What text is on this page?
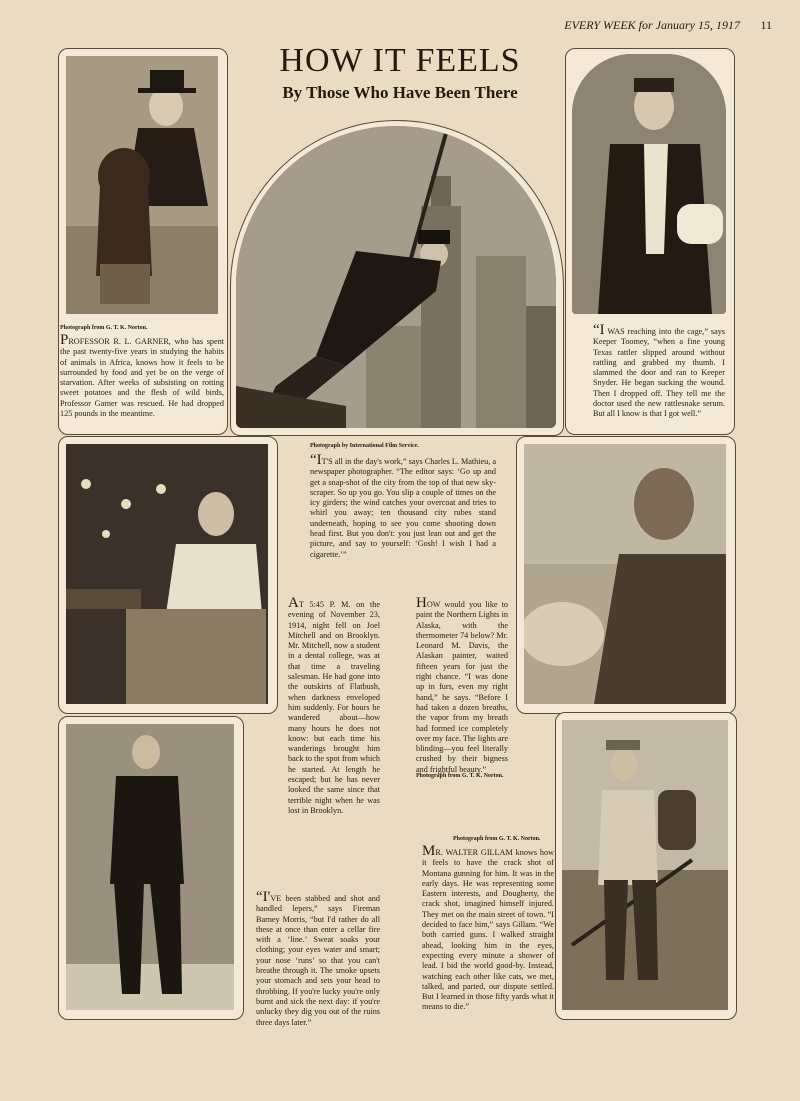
EVERY WEEK for January 15, 1917 11
HOW IT FEELS
By Those Who Have Been There
Photograph from G. T. K. Norton.
PROFESSOR R. L. GARNER, who has spent the past twenty-five years in studying the habits of animals in Africa, knows how it feels to be surrounded by food and yet be on the verge of starvation. After weeks of subsisting on rotting sweet potatoes and the flesh of wild birds, Professor Garner was rescued. He had dropped 125 pounds in the meantime.
Photograph by International Film Service.
“IT'S all in the day's work,” says Charles L. Mathieu, a newspaper photographer. “The editor says: ‘Go up and get a snap-shot of the city from the top of that new sky-scraper. So up you go. You slip a couple of times on the icy girders; the wind catches your overcoat and tries to whirl you away; ten thousand city rubes stand underneath, hoping to see you come shooting down head first. But you don't: you just lean out and get the picture, and say to yourself: ‘Gosh! I wish I had a cigarette.’”
“I WAS reaching into the cage,” says Keeper Toomey, “when a fine young Texas rattler slipped around without rattling and grabbed my thumb. I slammed the door and ran to Keeper Snyder. He began sucking the wound. Then I dropped off. They tell me the doctor used the new rattlesnake serum. But all I know is that I got well.”
Photograph from G. T. K. Norton.
AT 5:45 P. M. on the evening of November 23, 1914, night fell on Joel Mitchell and on Brooklyn. Mr. Mitchell, now a student in a dental college, was at that time a traveling salesman. He had gone into the outskirts of Flatbush, when darkness enveloped him suddenly. For hours he wandered about—how many hours he does not know: but each time his wanderings brought him back to the spot from which he started. At length he escaped; but he has never looked the same since that terrible night when he was lost in Brooklyn.
HOW would you like to paint the Northern Lights in Alaska, with the thermometer 74 below? Mr. Leonard M. Davis, the Alaskan painter, waited fifteen years for just the right chance. “I was done up in furs, even my right hand,” he says. “Before I had taken a dozen breaths, the vapor from my breath had formed ice completely over my face. The lights are blinding—you feel literally crushed by their bigness and frightful beauty.”
“I'VE been stabbed and shot and handled lepers,” says Fireman Barney Morris, “but I'd rather do all these at once than enter a cellar fire with a ‘line.’ Sweat soaks your clothing; your eyes water and smart; your nose ‘runs’ so that you can't breathe through it. The smoke upsets your stomach and sets your head to throbbing. If you're lucky you're only burnt and sick the next day: if you're unlucky they dig you out of the ruins three days later.”
Photograph from G. T. K. Norton.
MR. WALTER GILLAM knows how it feels to have the crack shot of Montana gunning for him. It was in the early days. He was representing some Eastern interests, and Dougherty, the crack shot, imagined himself injured. They met on the main street of town. “I decided to face him,” says Gillam. “We both carried guns. I walked straight ahead, looking him in the eyes, expecting every minute a shower of lead. I bid the world good-by. Instead, watching each other like cats, we met, talked, and parted, our dispute settled. But I learned in those fifty yards what it means to die.”
